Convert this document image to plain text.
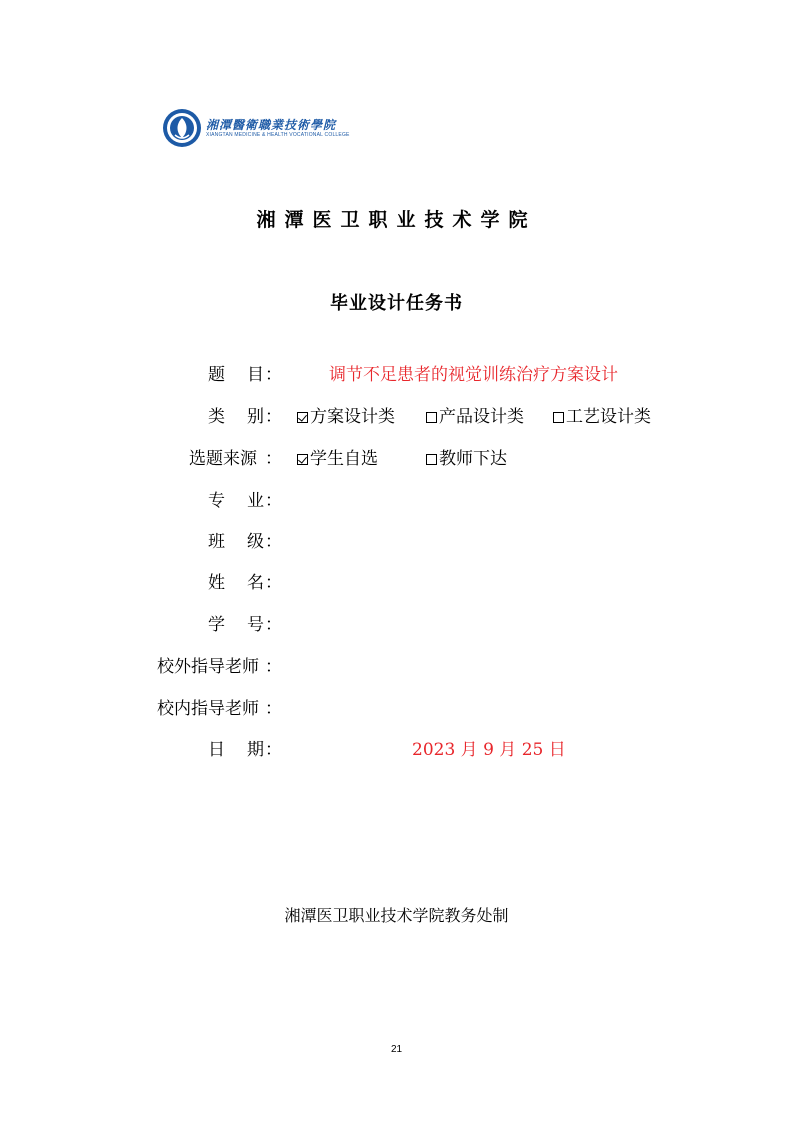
湘潭醫衛職業技術學院
XIANGTAN MEDICINE & HEALTH VOCATIONAL COLLEGE
湘潭医卫职业技术学院
毕业设计任务书
题目 ：	调节不足患者的视觉训练治疗方案设计
类别 ：	方案设计类	产品设计类	工艺设计类
选题来源 ：	学生自选	教师下达
专业 ：
班级 ：
姓名 ：
学号 ：
校外指导老师 ：
校内指导老师 ：
日期 ：	2023 月 9 月 25 日
湘潭医卫职业技术学院教务处制
21
